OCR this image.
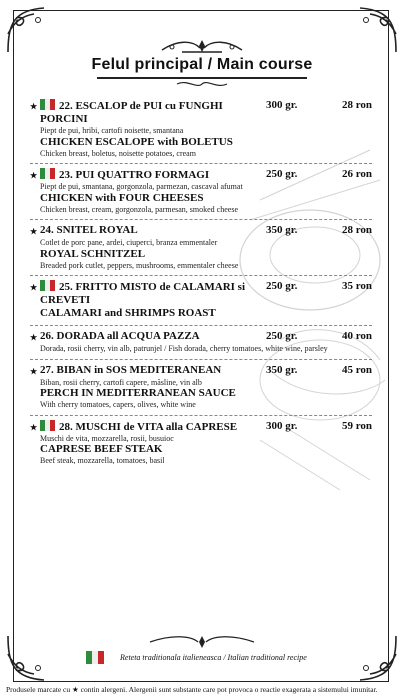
Felul principal / Main course
★	22. ESCALOP de PUI cu FUNGHI PORCINI
300 gr.	28 ron
Piept de pui, hribi, cartofi noisette, smantana
CHICKEN ESCALOPE with BOLETUS
Chicken breast, boletus, noisette potatoes, cream
★	23. PUI QUATTRO FORMAGI	250 gr.	26 ron
Piept de pui, smantana, gorgonzola, parmezan, cascaval afumat
CHICKEN with FOUR CHEESES
Chicken breast, cream, gorgonzola, parmesan, smoked cheese
★ 24. SNITEL ROYAL	350 gr.	28 ron
Cotlet de porc pane, ardei, ciuperci, branza emmentaler
ROYAL SCHNITZEL
Breaded pork cutlet, peppers, mushrooms, emmentaler cheese
★	25. FRITTO MISTO de CALAMARI si CREVETI
250 gr.	35 ron
CALAMARI and SHRIMPS ROAST
★ 26. DORADA all ACQUA PAZZA	250 gr.	40 ron
Dorada, rosii cherry, vin alb, patrunjel / Fish dorada, cherry tomatoes, white wine, parsley
★ 27. BIBAN in SOS MEDITERANEAN	350 gr.	45 ron
Biban, rosii cherry, cartofi capere, măsline, vin alb
PERCH IN MEDITERRANEAN SAUCE
With cherry tomatoes, capers, olives, white wine
★	28. MUSCHI de VITA alla CAPRESE	300 gr.	59 ron
Muschi de vita, mozzarella, rosii, busuioc
CAPRESE BEEF STEAK
Beef steak, mozzarella, tomatoes, basil
Reteta traditionala italieneasca / Italian traditional recipe
Produsele marcate cu ★ contin alergeni. Alergenii sunt substante care pot provoca o reactie exagerata a sistemului imunitar.
